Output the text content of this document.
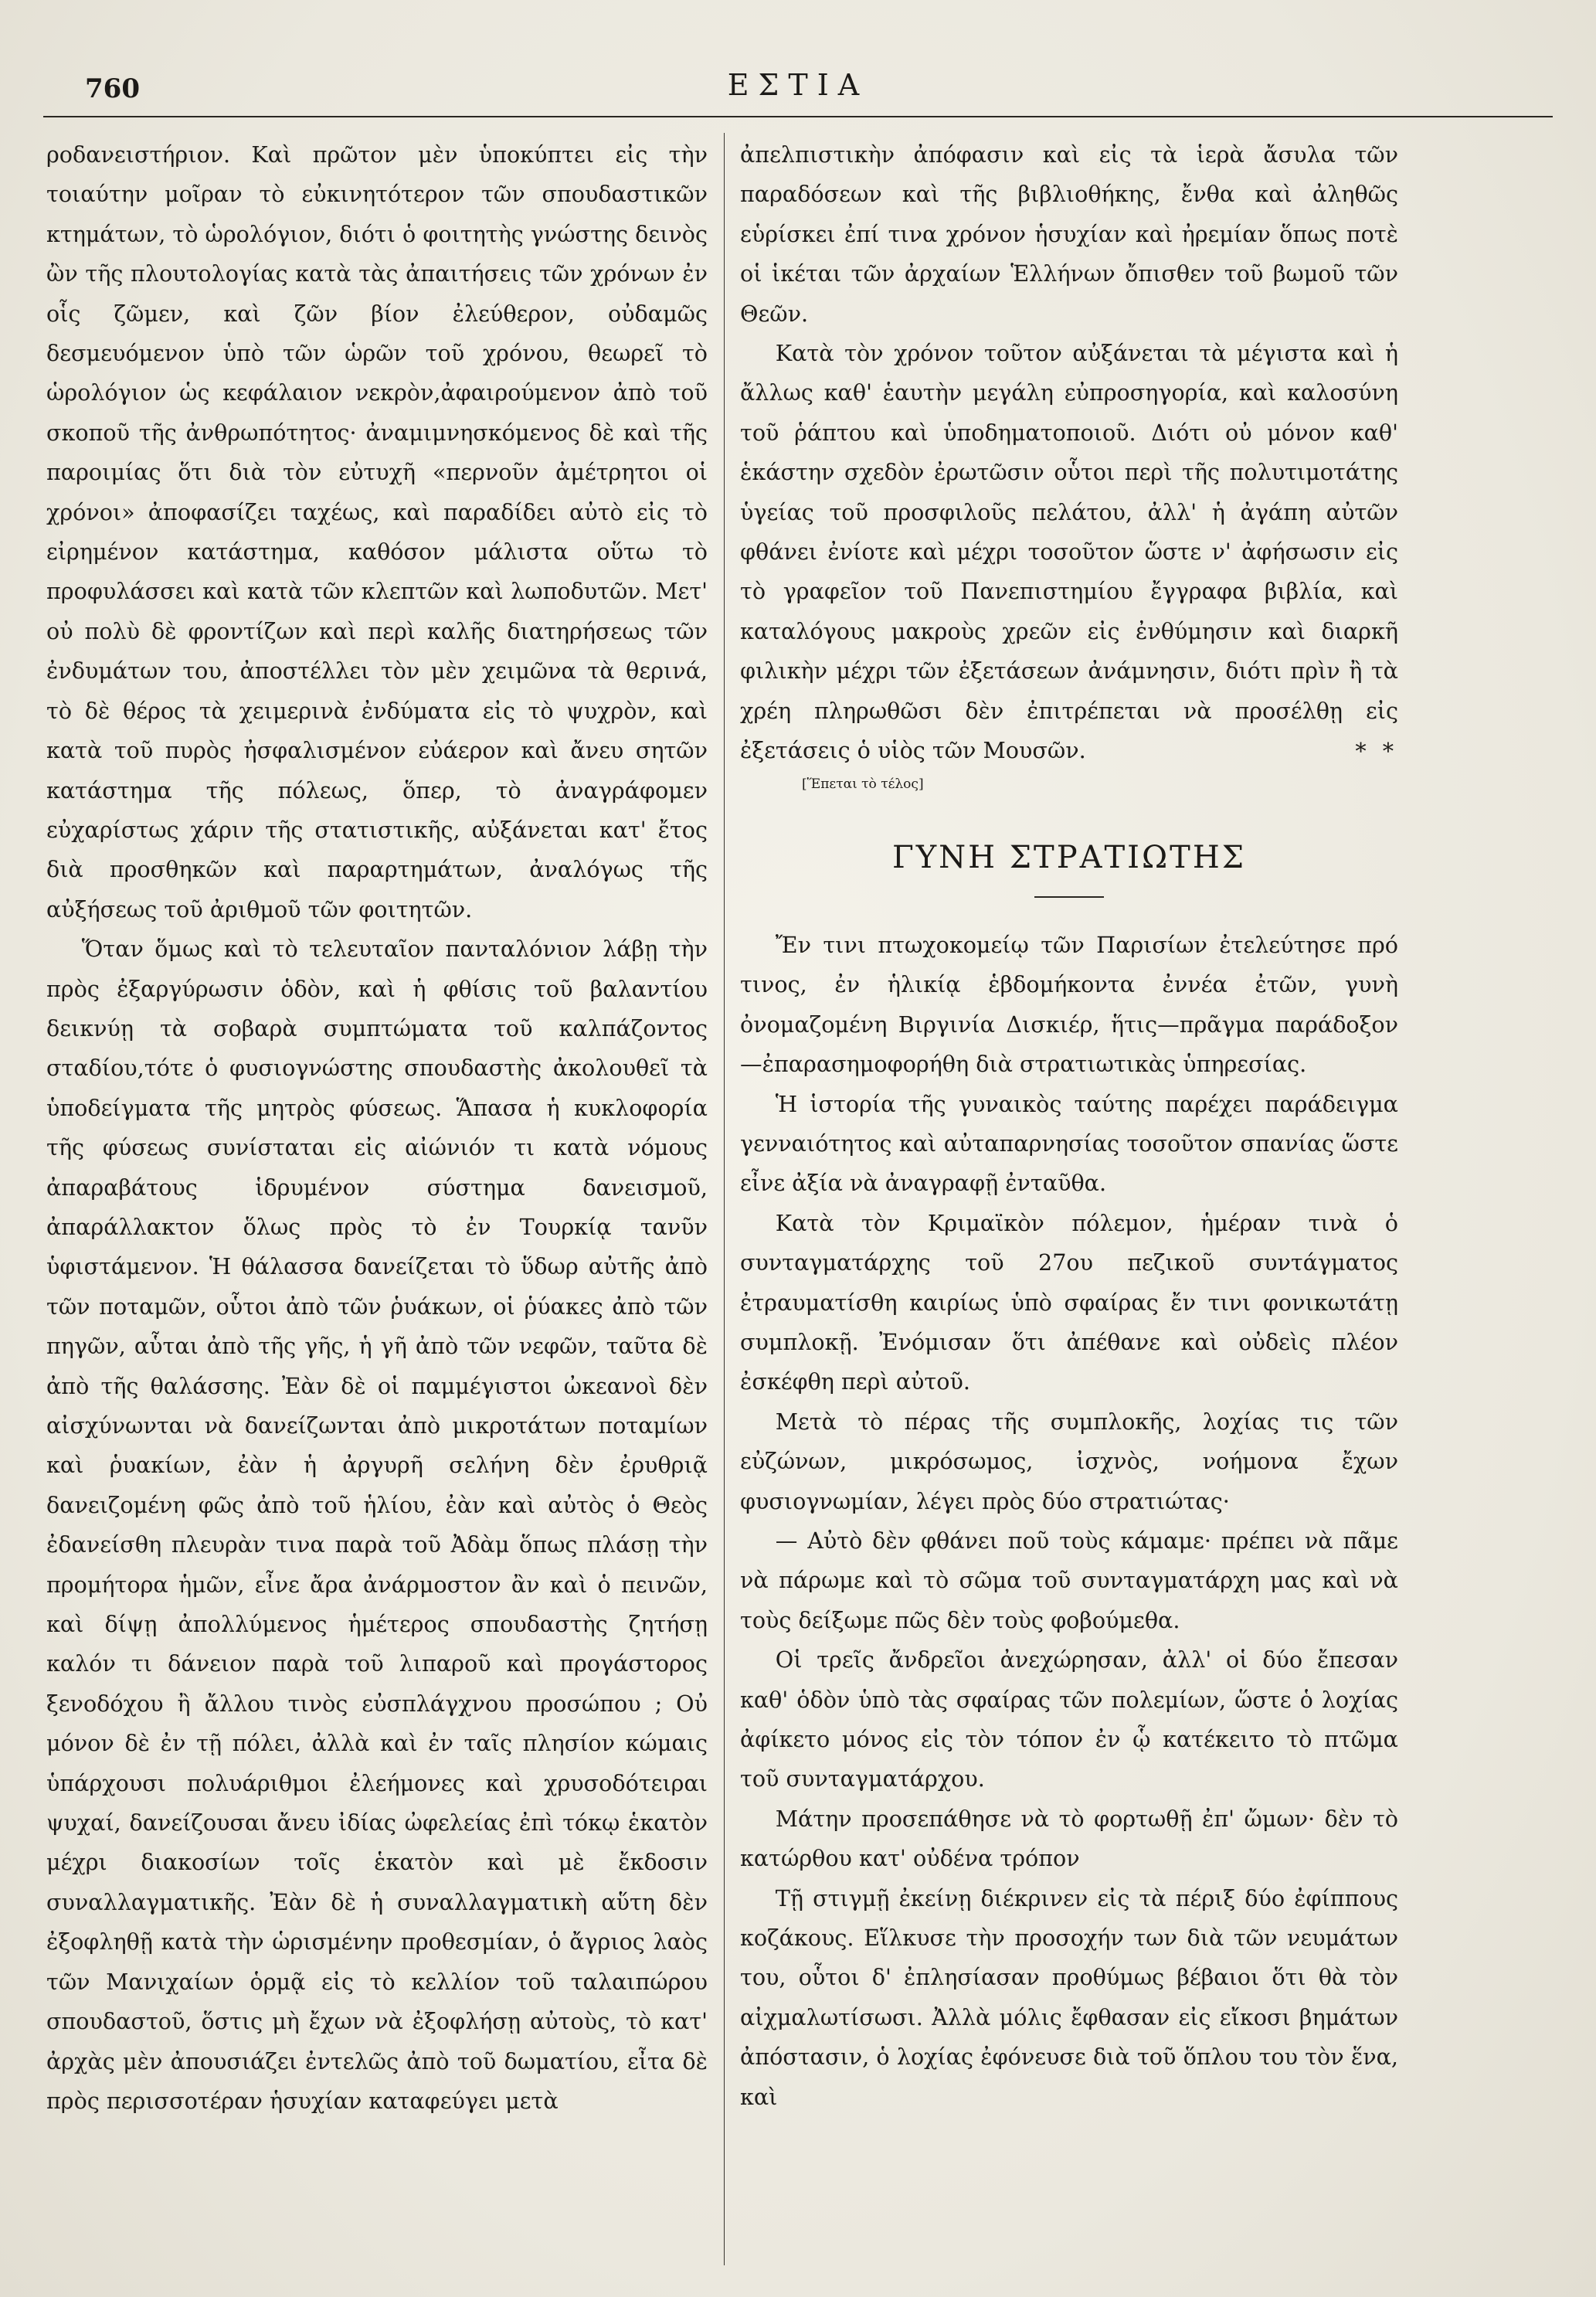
760	ΕΣΤΙΑ

ροδανειστήριον. Καὶ πρῶτον μὲν ὑποκύπτει εἰς τὴν τοιαύτην μοῖραν τὸ εὐκινητότερον τῶν σπουδαστικῶν κτημάτων, τὸ ὡρολόγιον, διότι ὁ φοιτητὴς γνώστης δεινὸς ὢν τῆς πλουτολογίας κατὰ τὰς ἀπαιτήσεις τῶν χρόνων ἐν οἷς ζῶμεν, καὶ ζῶν βίον ἐλεύθερον, οὐδαμῶς δεσμευόμενον ὑπὸ τῶν ὡρῶν τοῦ χρόνου, θεωρεῖ τὸ ὡρολόγιον ὡς κεφάλαιον νεκρὸν,ἀφαιρούμενον ἀπὸ τοῦ σκοποῦ τῆς ἀνθρωπότητος· ἀναμιμνησκόμενος δὲ καὶ τῆς παροιμίας ὅτι διὰ τὸν εὐτυχῆ «περνοῦν ἀμέτρητοι οἱ χρόνοι» ἀποφασίζει ταχέως, καὶ παραδίδει αὐτὸ εἰς τὸ εἰρημένον κατάστημα, καθόσον μάλιστα οὕτω τὸ προφυλάσσει καὶ κατὰ τῶν κλεπτῶν καὶ λωποδυτῶν. Μετ' οὐ πολὺ δὲ φροντίζων καὶ περὶ καλῆς διατηρήσεως τῶν ἐνδυμάτων του, ἀποστέλλει τὸν μὲν χειμῶνα τὰ θερινά, τὸ δὲ θέρος τὰ χειμερινὰ ἐνδύματα εἰς τὸ ψυχρὸν, καὶ κατὰ τοῦ πυρὸς ἠσφαλισμένον εὐάερον καὶ ἄνευ σητῶν κατάστημα τῆς πόλεως, ὅπερ, τὸ ἀναγράφομεν εὐχαρίστως χάριν τῆς στατιστικῆς, αὐξάνεται κατ' ἔτος διὰ προσθηκῶν καὶ παραρτημάτων, ἀναλόγως τῆς αὐξήσεως τοῦ ἀριθμοῦ τῶν φοιτητῶν.

Ὅταν ὅμως καὶ τὸ τελευταῖον πανταλόνιον λάβῃ τὴν πρὸς ἐξαργύρωσιν ὁδὸν, καὶ ἡ φθίσις τοῦ βαλαντίου δεικνύῃ τὰ σοβαρὰ συμπτώματα τοῦ καλπάζοντος σταδίου,τότε ὁ φυσιογνώστης σπουδαστὴς ἀκολουθεῖ τὰ ὑποδείγματα τῆς μητρὸς φύσεως. Ἅπασα ἡ κυκλοφορία τῆς φύσεως συνίσταται εἰς αἰώνιόν τι κατὰ νόμους ἀπαραβάτους ἱδρυμένον σύστημα δανεισμοῦ, ἀπαράλλακτον ὅλως πρὸς τὸ ἐν Τουρκίᾳ τανῦν ὑφιστάμενον. Ἡ θάλασσα δανείζεται τὸ ὕδωρ αὐτῆς ἀπὸ τῶν ποταμῶν, οὗτοι ἀπὸ τῶν ῥυάκων, οἱ ῥύακες ἀπὸ τῶν πηγῶν, αὗται ἀπὸ τῆς γῆς, ἡ γῆ ἀπὸ τῶν νεφῶν, ταῦτα δὲ ἀπὸ τῆς θαλάσσης. Ἐὰν δὲ οἱ παμμέγιστοι ὠκεανοὶ δὲν αἰσχύνωνται νὰ δανείζωνται ἀπὸ μικροτάτων ποταμίων καὶ ῥυακίων, ἐὰν ἡ ἀργυρῆ σελήνη δὲν ἐρυθριᾷ δανειζομένη φῶς ἀπὸ τοῦ ἡλίου, ἐὰν καὶ αὐτὸς ὁ Θεὸς ἐδανείσθη πλευρὰν τινα παρὰ τοῦ Ἀδὰμ ὅπως πλάσῃ τὴν προμήτορα ἡμῶν, εἶνε ἄρα ἀνάρμοστον ἂν καὶ ὁ πεινῶν, καὶ δίψῃ ἀπολλύμενος ἡμέτερος σπουδαστὴς ζητήσῃ καλόν τι δάνειον παρὰ τοῦ λιπαροῦ καὶ προγάστορος ξενοδόχου ἢ ἄλλου τινὸς εὐσπλάγχνου προσώπου ; Οὐ μόνον δὲ ἐν τῇ πόλει, ἀλλὰ καὶ ἐν ταῖς πλησίον κώμαις ὑπάρχουσι πολυάριθμοι ἐλεήμονες καὶ χρυσοδότειραι ψυχαί, δανείζουσαι ἄνευ ἰδίας ὠφελείας ἐπὶ τόκῳ ἑκατὸν μέχρι διακοσίων τοῖς ἑκατὸν καὶ μὲ ἔκδοσιν συναλλαγματικῆς. Ἐὰν δὲ ἡ συναλλαγματικὴ αὕτη δὲν ἐξοφληθῇ κατὰ τὴν ὡρισμένην προθεσμίαν, ὁ ἄγριος λαὸς τῶν Μανιχαίων ὁρμᾷ εἰς τὸ κελλίον τοῦ ταλαιπώρου σπουδαστοῦ, ὅστις μὴ ἔχων νὰ ἐξοφλήσῃ αὐτοὺς, τὸ κατ' ἀρχὰς μὲν ἀπουσιάζει ἐντελῶς ἀπὸ τοῦ δωματίου, εἶτα δὲ πρὸς περισσοτέραν ἡσυχίαν καταφεύγει μετὰ

ἀπελπιστικὴν ἀπόφασιν καὶ εἰς τὰ ἱερὰ ἄσυλα τῶν παραδόσεων καὶ τῆς βιβλιοθήκης, ἔνθα καὶ ἀληθῶς εὑρίσκει ἐπί τινα χρόνον ἡσυχίαν καὶ ἠρεμίαν ὅπως ποτὲ οἱ ἱκέται τῶν ἀρχαίων Ἑλλήνων ὄπισθεν τοῦ βωμοῦ τῶν Θεῶν.

Κατὰ τὸν χρόνον τοῦτον αὐξάνεται τὰ μέγιστα καὶ ἡ ἄλλως καθ' ἑαυτὴν μεγάλη εὐπροσηγορία, καὶ καλοσύνη τοῦ ῥάπτου καὶ ὑποδηματοποιοῦ. Διότι οὐ μόνον καθ' ἑκάστην σχεδὸν ἐρωτῶσιν οὗτοι περὶ τῆς πολυτιμοτάτης ὑγείας τοῦ προσφιλοῦς πελάτου, ἀλλ' ἡ ἀγάπη αὐτῶν φθάνει ἐνίοτε καὶ μέχρι τοσοῦτον ὥστε ν' ἀφήσωσιν εἰς τὸ γραφεῖον τοῦ Πανεπιστημίου ἔγγραφα βιβλία, καὶ καταλόγους μακροὺς χρεῶν εἰς ἐνθύμησιν καὶ διαρκῆ φιλικὴν μέχρι τῶν ἐξετάσεων ἀνάμνησιν, διότι πρὶν ἢ τὰ χρέη πληρωθῶσι δὲν ἐπιτρέπεται νὰ προσέλθῃ εἰς ἐξετάσεις ὁ υἱὸς τῶν Μουσῶν.	* *

[Ἕπεται τὸ τέλος]

ΓΥΝΗ ΣΤΡΑΤΙΩΤΗΣ

Ἔν τινι πτωχοκομείῳ τῶν Παρισίων ἐτελεύτησε πρό τινος, ἐν ἡλικίᾳ ἑβδομήκοντα ἐννέα ἐτῶν, γυνὴ ὀνομαζομένη Βιργινία Δισκιέρ, ἥτις—πρᾶγμα παράδοξον—ἐπαρασημοφορήθη διὰ στρατιωτικὰς ὑπηρεσίας.

Ἡ ἱστορία τῆς γυναικὸς ταύτης παρέχει παράδειγμα γενναιότητος καὶ αὐταπαρνησίας τοσοῦτον σπανίας ὥστε εἶνε ἀξία νὰ ἀναγραφῇ ἐνταῦθα.

Κατὰ τὸν Κριμαϊκὸν πόλεμον, ἡμέραν τινὰ ὁ συνταγματάρχης τοῦ 27ου πεζικοῦ συντάγματος ἐτραυματίσθη καιρίως ὑπὸ σφαίρας ἔν τινι φονικωτάτῃ συμπλοκῇ. Ἐνόμισαν ὅτι ἀπέθανε καὶ οὐδεὶς πλέον ἐσκέφθη περὶ αὐτοῦ.

Μετὰ τὸ πέρας τῆς συμπλοκῆς, λοχίας τις τῶν εὐζώνων, μικρόσωμος, ἰσχνὸς, νοήμονα ἔχων φυσιογνωμίαν, λέγει πρὸς δύο στρατιώτας·

— Αὐτὸ δὲν φθάνει ποῦ τοὺς κάμαμε· πρέπει νὰ πᾶμε νὰ πάρωμε καὶ τὸ σῶμα τοῦ συνταγματάρχη μας καὶ νὰ τοὺς δείξωμε πῶς δὲν τοὺς φοβούμεθα.

Οἱ τρεῖς ἄνδρεῖοι ἀνεχώρησαν, ἀλλ' οἱ δύο ἔπεσαν καθ' ὁδὸν ὑπὸ τὰς σφαίρας τῶν πολεμίων, ὥστε ὁ λοχίας ἀφίκετο μόνος εἰς τὸν τόπον ἐν ᾧ κατέκειτο τὸ πτῶμα τοῦ συνταγματάρχου.

Μάτην προσεπάθησε νὰ τὸ φορτωθῇ ἐπ' ὤμων· δὲν τὸ κατώρθου κατ' οὐδένα τρόπον

Τῇ στιγμῇ ἐκείνῃ διέκρινεν εἰς τὰ πέριξ δύο ἐφίππους κοζάκους. Εἵλκυσε τὴν προσοχήν των διὰ τῶν νευμάτων του, οὗτοι δ' ἐπλησίασαν προθύμως βέβαιοι ὅτι θὰ τὸν αἰχμαλωτίσωσι. Ἀλλὰ μόλις ἔφθασαν εἰς εἴκοσι βημάτων ἀπόστασιν, ὁ λοχίας ἐφόνευσε διὰ τοῦ ὅπλου του τὸν ἕνα, καὶ
